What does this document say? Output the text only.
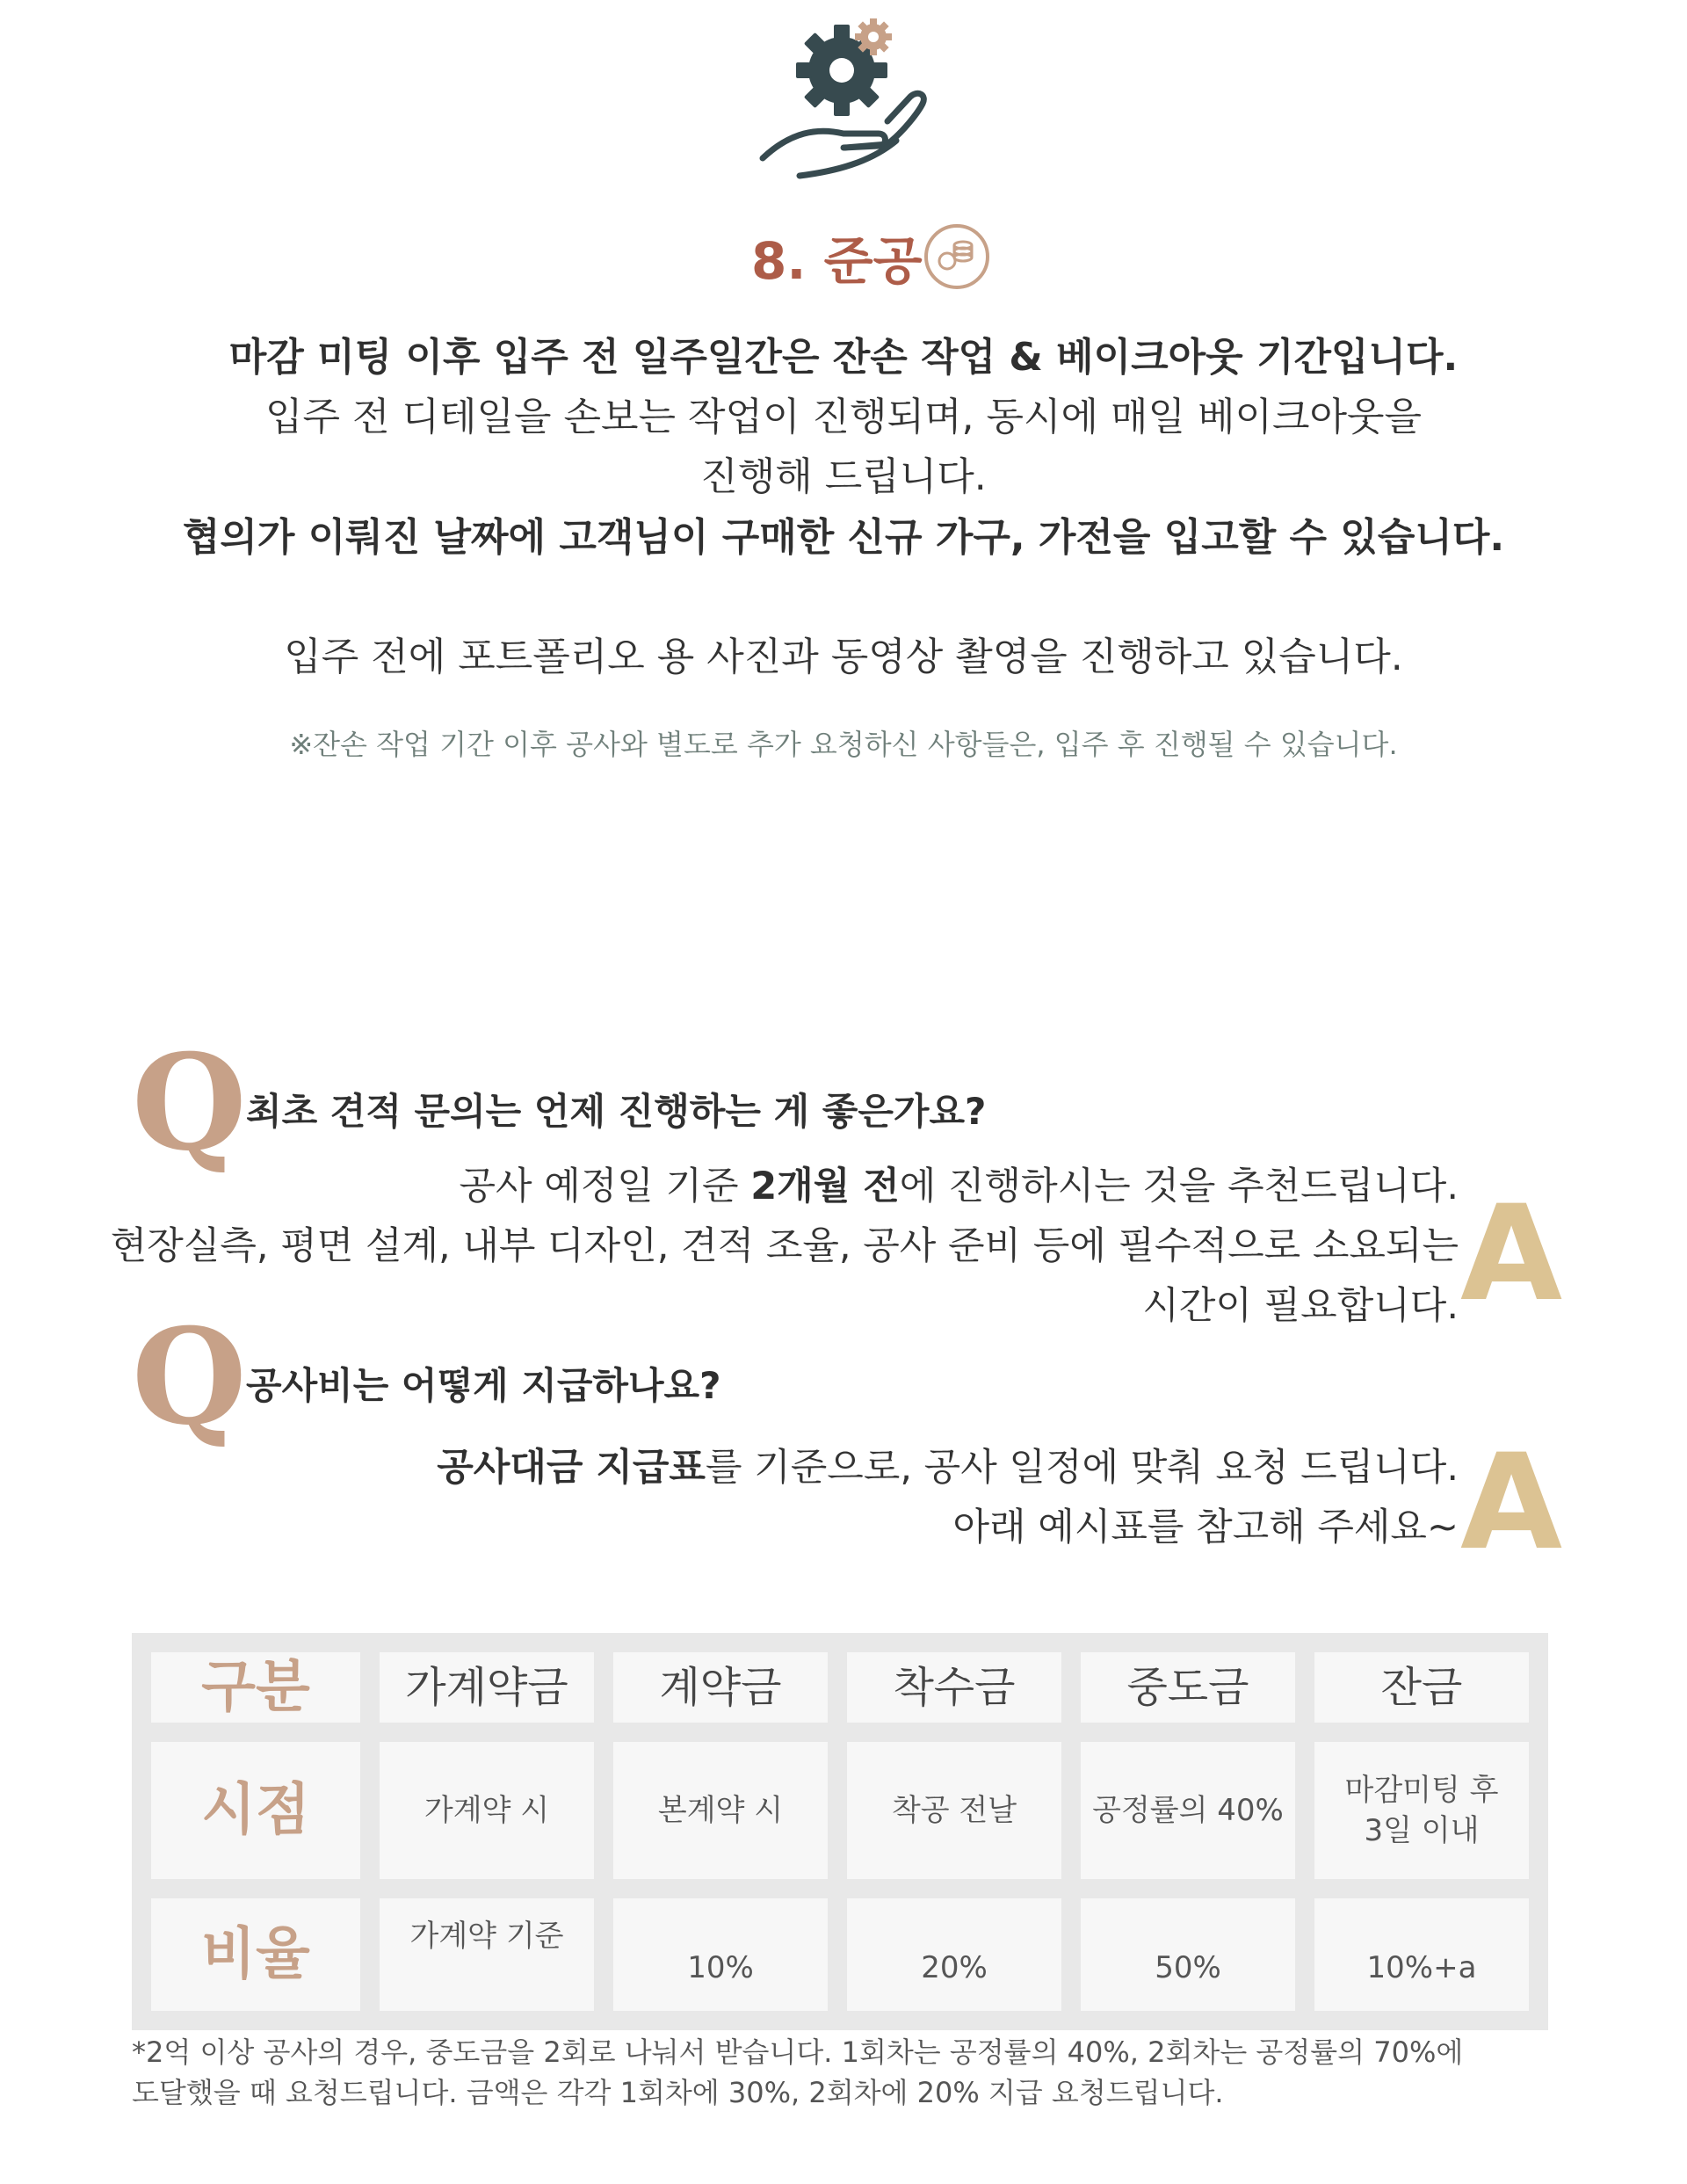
8. 준공
마감 미팅 이후 입주 전 일주일간은 잔손 작업 & 베이크아웃 기간입니다.
입주 전 디테일을 손보는 작업이 진행되며, 동시에 매일 베이크아웃을
진행해 드립니다.
협의가 이뤄진 날짜에 고객님이 구매한 신규 가구, 가전을 입고할 수 있습니다.
입주 전에 포트폴리오 용 사진과 동영상 촬영을 진행하고 있습니다.
※잔손 작업 기간 이후 공사와 별도로 추가 요청하신 사항들은, 입주 후 진행될 수 있습니다.
Q 최초 견적 문의는 언제 진행하는 게 좋은가요?
공사 예정일 기준 2개월 전에 진행하시는 것을 추천드립니다.
현장실측, 평면 설계, 내부 디자인, 견적 조율, 공사 준비 등에 필수적으로 소요되는
시간이 필요합니다. A
Q 공사비는 어떻게 지급하나요?
공사대금 지급표를 기준으로, 공사 일정에 맞춰 요청 드립니다.
아래 예시표를 참고해 주세요~ A
구분	가계약금	계약금	착수금	중도금	잔금
시점	가계약 시	본계약 시	착공 전날	공정률의 40%	마감미팅 후
3일 이내
비율	가계약 기준	10%	20%	50%	10%+a
*2억 이상 공사의 경우, 중도금을 2회로 나눠서 받습니다. 1회차는 공정률의 40%, 2회차는 공정률의 70%에
도달했을 때 요청드립니다. 금액은 각각 1회차에 30%, 2회차에 20% 지급 요청드립니다.
